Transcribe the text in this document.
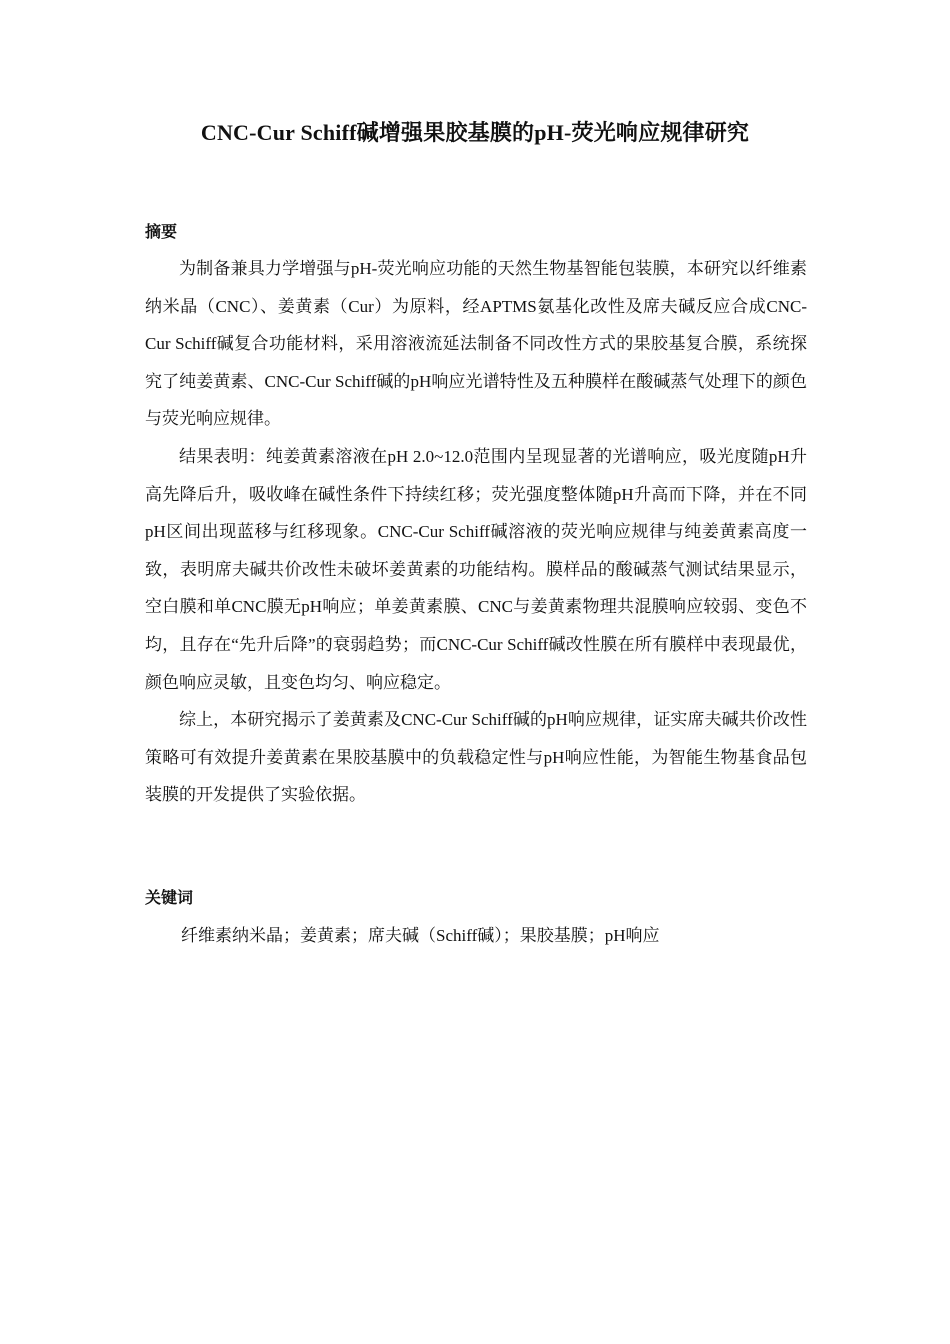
CNC-Cur Schiff碱增强果胶基膜的pH-荧光响应规律研究
摘要

为制备兼具力学增强与pH-荧光响应功能的天然生物基智能包装膜，本研究以纤维素纳米晶（CNC）、姜黄素（Cur）为原料，经APTMS氨基化改性及席夫碱反应合成CNC-Cur Schiff碱复合功能材料，采用溶液流延法制备不同改性方式的果胶基复合膜，系统探究了纯姜黄素、CNC-Cur Schiff碱的pH响应光谱特性及五种膜样在酸碱蒸气处理下的颜色与荧光响应规律。

结果表明：纯姜黄素溶液在pH 2.0~12.0范围内呈现显著的光谱响应，吸光度随pH升高先降后升，吸收峰在碱性条件下持续红移；荧光强度整体随pH升高而下降，并在不同pH区间出现蓝移与红移现象。CNC-Cur Schiff碱溶液的荧光响应规律与纯姜黄素高度一致，表明席夫碱共价改性未破坏姜黄素的功能结构。膜样品的酸碱蒸气测试结果显示，空白膜和单CNC膜无pH响应；单姜黄素膜、CNC与姜黄素物理共混膜响应较弱、变色不均，且存在“先升后降”的衰弱趋势；而CNC-Cur Schiff碱改性膜在所有膜样中表现最优，颜色响应灵敏，且变色均匀、响应稳定。

综上，本研究揭示了姜黄素及CNC-Cur Schiff碱的pH响应规律，证实席夫碱共价改性策略可有效提升姜黄素在果胶基膜中的负载稳定性与pH响应性能，为智能生物基食品包装膜的开发提供了实验依据。

关键词
纤维素纳米晶；姜黄素；席夫碱（Schiff碱）；果胶基膜；pH响应
